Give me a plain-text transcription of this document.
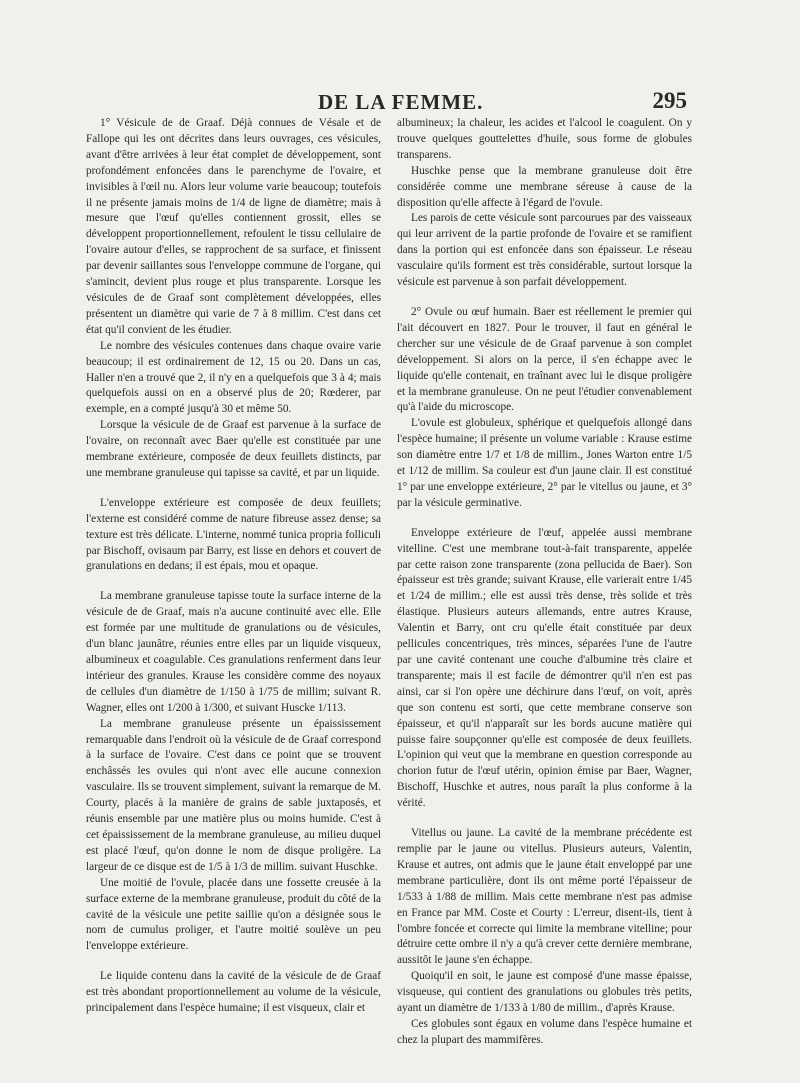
DE LA FEMME.	295

1° Vésicule de de Graaf. Déjà connues de Vésale et de Fallope qui les ont décrites dans leurs ouvrages, ces vésicules, avant d'être arrivées à leur état complet de développement, sont profondément enfoncées dans le parenchyme de l'ovaire, et invisibles à l'œil nu. Alors leur volume varie beaucoup; toutefois il ne présente jamais moins de 1/4 de ligne de diamètre; mais à mesure que l'œuf qu'elles contiennent grossit, elles se développent proportionnellement, refoulent le tissu cellulaire de l'ovaire autour d'elles, se rapprochent de sa surface, et finissent par devenir saillantes sous l'enveloppe commune de l'organe, qui s'amincit, devient plus rouge et plus transparente. Lorsque les vésicules de de Graaf sont complètement développées, elles présentent un diamètre qui varie de 7 à 8 millim. C'est dans cet état qu'il convient de les étudier.

Le nombre des vésicules contenues dans chaque ovaire varie beaucoup; il est ordinairement de 12, 15 ou 20. Dans un cas, Haller n'en a trouvé que 2, il n'y en a quelquefois que 3 à 4; mais quelquefois aussi on en a observé plus de 20; Rœderer, par exemple, en a compté jusqu'à 30 et même 50.

Lorsque la vésicule de de Graaf est parvenue à la surface de l'ovaire, on reconnaît avec Baer qu'elle est constituée par une membrane extérieure, composée de deux feuillets distincts, par une membrane granuleuse qui tapisse sa cavité, et par un liquide.

L'enveloppe extérieure est composée de deux feuillets; l'externe est considéré comme de nature fibreuse assez dense; sa texture est très délicate. L'interne, nommé tunica propria folliculi par Bischoff, ovisaum par Barry, est lisse en dehors et couvert de granulations en dedans; il est épais, mou et opaque.

La membrane granuleuse tapisse toute la surface interne de la vésicule de de Graaf, mais n'a aucune continuité avec elle. Elle est formée par une multitude de granulations ou de vésicules, d'un blanc jaunâtre, réunies entre elles par un liquide visqueux, albumineux et coagulable. Ces granulations renferment dans leur intérieur des granules. Krause les considère comme des noyaux de cellules d'un diamètre de 1/150 à 1/75 de millim; suivant R. Wagner, elles ont 1/200 à 1/300, et suivant Huscke 1/113.

La membrane granuleuse présente un épaississement remarquable dans l'endroit où la vésicule de de Graaf correspond à la surface de l'ovaire. C'est dans ce point que se trouvent enchâssés les ovules qui n'ont avec elle aucune connexion vasculaire. Ils se trouvent simplement, suivant la remarque de M. Courty, placés à la manière de grains de sable juxtaposés, et réunis ensemble par une matière plus ou moins humide. C'est à cet épaississement de la membrane granuleuse, au milieu duquel est placé l'œuf, qu'on donne le nom de disque proligère. La largeur de ce disque est de 1/5 à 1/3 de millim. suivant Huschke.

Une moitié de l'ovule, placée dans une fossette creusée à la surface externe de la membrane granuleuse, produit du côté de la cavité de la vésicule une petite saillie qu'on a désignée sous le nom de cumulus proliger, et l'autre moitié soulève un peu l'enveloppe extérieure.

Le liquide contenu dans la cavité de la vésicule de de Graaf est très abondant proportionnellement au volume de la vésicule, principalement dans l'espèce humaine; il est visqueux, clair et

albumineux; la chaleur, les acides et l'alcool le coagulent. On y trouve quelques gouttelettes d'huile, sous forme de globules transparens.

Huschke pense que la membrane granuleuse doit être considérée comme une membrane séreuse à cause de la disposition qu'elle affecte à l'égard de l'ovule.

Les parois de cette vésicule sont parcourues par des vaisseaux qui leur arrivent de la partie profonde de l'ovaire et se ramifient dans la portion qui est enfoncée dans son épaisseur. Le réseau vasculaire qu'ils forment est très considérable, surtout lorsque la vésicule est parvenue à son parfait développement.

2° Ovule ou œuf humain. Baer est réellement le premier qui l'ait découvert en 1827. Pour le trouver, il faut en général le chercher sur une vésicule de de Graaf parvenue à son complet développement. Si alors on la perce, il s'en échappe avec le liquide qu'elle contenait, en traînant avec lui le disque proligère et la membrane granuleuse. On ne peut l'étudier convenablement qu'à l'aide du microscope.

L'ovule est globuleux, sphérique et quelquefois allongé dans l'espèce humaine; il présente un volume variable : Krause estime son diamètre entre 1/7 et 1/8 de millim., Jones Warton entre 1/5 et 1/12 de millim. Sa couleur est d'un jaune clair. Il est constitué 1° par une enveloppe extérieure, 2° par le vitellus ou jaune, et 3° par la vésicule germinative.

Enveloppe extérieure de l'œuf, appelée aussi membrane vitelline. C'est une membrane tout-à-fait transparente, appelée par cette raison zone transparente (zona pellucida de Baer). Son épaisseur est très grande; suivant Krause, elle varierait entre 1/45 et 1/24 de millim.; elle est aussi très dense, très solide et très élastique. Plusieurs auteurs allemands, entre autres Krause, Valentin et Barry, ont cru qu'elle était constituée par deux pellicules concentriques, très minces, séparées l'une de l'autre par une cavité contenant une couche d'albumine très claire et transparente; mais il est facile de démontrer qu'il n'en est pas ainsi, car si l'on opère une déchirure dans l'œuf, on voit, après que son contenu est sorti, que cette membrane conserve son épaisseur, et qu'il n'apparaît sur les bords aucune matière qui puisse faire soupçonner qu'elle est composée de deux feuillets. L'opinion qui veut que la membrane en question corresponde au chorion futur de l'œuf utérin, opinion émise par Baer, Wagner, Bischoff, Huschke et autres, nous paraît la plus conforme à la vérité.

Vitellus ou jaune. La cavité de la membrane précédente est remplie par le jaune ou vitellus. Plusieurs auteurs, Valentin, Krause et autres, ont admis que le jaune était enveloppé par une membrane particulière, dont ils ont même porté l'épaisseur de 1/533 à 1/88 de millim. Mais cette membrane n'est pas admise en France par MM. Coste et Courty : L'erreur, disent-ils, tient à l'ombre foncée et correcte qui limite la membrane vitelline; pour détruire cette ombre il n'y a qu'à crever cette dernière membrane, aussitôt le jaune s'en échappe.

Quoiqu'il en soit, le jaune est composé d'une masse épaisse, visqueuse, qui contient des granulations ou globules très petits, ayant un diamètre de 1/133 à 1/80 de millim., d'après Krause.

Ces globules sont égaux en volume dans l'espèce humaine et chez la plupart des mammifères.
